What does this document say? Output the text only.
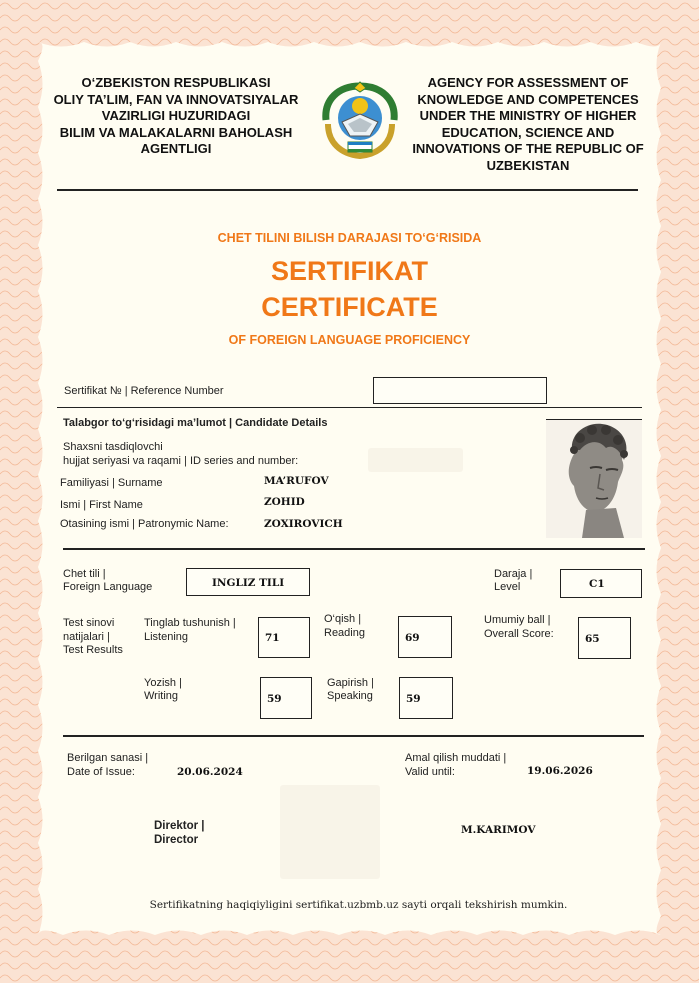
O‘ZBEKISTON RESPUBLIKASI
OLIY TA’LIM, FAN VA INNOVATSIYALAR
VAZIRLIGI HUZURIDAGI
BILIM VA MALAKALARNI BAHOLASH
AGENTLIGI
AGENCY FOR ASSESSMENT OF
KNOWLEDGE AND COMPETENCES
UNDER THE MINISTRY OF HIGHER
EDUCATION, SCIENCE AND
INNOVATIONS OF THE REPUBLIC OF
UZBEKISTAN
CHET TILINI BILISH DARAJASI TO‘G‘RISIDA
SERTIFIKAT
CERTIFICATE
OF FOREIGN LANGUAGE PROFICIENCY
Sertifikat № | Reference Number
Talabgor to‘g‘risidagi ma’lumot | Candidate Details
Shaxsni tasdiqlovchi
hujjat seriyasi va raqami | ID series and number:
Familiyasi | Surname	MA’RUFOV
Ismi | First Name	ZOHID
Otasining ismi | Patronymic Name:	ZOXIROVICH
Chet tili |
Foreign Language	INGLIZ TILI
Daraja |
Level	C1
Test sinovi
natijalari |
Test Results
Tinglab tushunish |
Listening	71
O‘qish |
Reading	69
Umumiy ball |
Overall Score:	65
Yozish |
Writing	59
Gapirish |
Speaking	59
Berilgan sanasi |
Date of Issue:	20.06.2024
Amal qilish muddati |
Valid until:	19.06.2026
Direktor |
Director
M.KARIMOV
Sertifikatning haqiqiyligini sertifikat.uzbmb.uz sayti orqali tekshirish mumkin.
